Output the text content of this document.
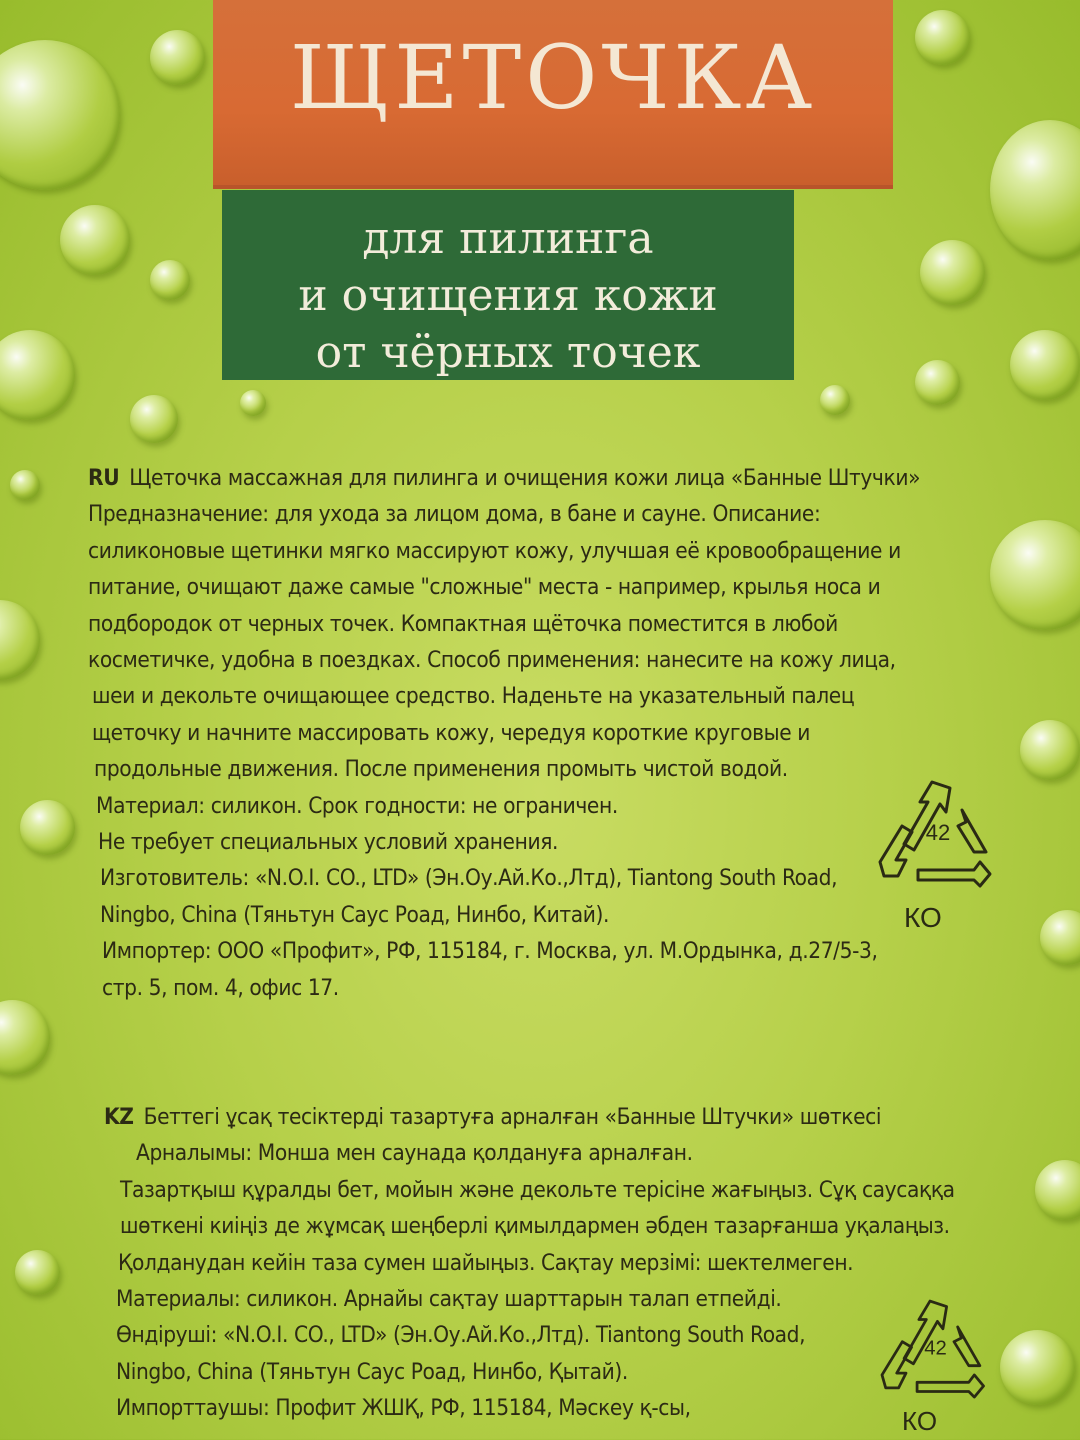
ЩЕТОЧКА
для пилинга
и очищения кожи
от чёрных точек
RU Щеточка массажная для пилинга и очищения кожи лица «Банные Штучки»
Предназначение: для ухода за лицом дома, в бане и сауне. Описание:
силиконовые щетинки мягко массируют кожу, улучшая её кровообращение и
питание, очищают даже самые "сложные" места - например, крылья носа и
подбородок от черных точек. Компактная щёточка поместится в любой
косметичке, удобна в поездках. Способ применения: нанесите на кожу лица,
шеи и декольте очищающее средство. Наденьте на указательный палец
щеточку и начните массировать кожу, чередуя короткие круговые и
продольные движения. После применения промыть чистой водой.
Материал: силикон. Срок годности: не ограничен.
Не требует специальных условий хранения.
Изготовитель: «N.O.I. CO., LTD» (Эн.Оу.Ай.Ко.,Лтд), Tiantong South Road,
Ningbo, China (Тяньтун Саус Роад, Нинбо, Китай).
Импортер: ООО «Профит», РФ, 115184, г. Москва, ул. М.Ордынка, д.27/5-3,
стр. 5, пом. 4, офис 17.
42
КО
KZ Беттегі ұсақ тесіктерді тазартуға арналған «Банные Штучки» шөткесі
Арналымы: Монша мен саунада қолдануға арналған.
Тазартқыш құралды бет, мойын және декольте терісіне жағыңыз. Сұқ саусаққа
шөткені киіңіз де жұмсақ шеңберлі қимылдармен әбден тазарғанша уқалаңыз.
Қолданудан кейін таза сумен шайыңыз. Сақтау мерзімі: шектелмеген.
Материалы: силикон. Арнайы сақтау шарттарын талап етпейді.
Өндіруші: «N.O.I. CO., LTD» (Эн.Оу.Ай.Ко.,Лтд). Tiantong South Road,
Ningbo, China (Тяньтун Саус Роад, Нинбо, Қытай).
Импорттаушы: Профит ЖШҚ, РФ, 115184, Мәскеу қ-сы,
42
КО
